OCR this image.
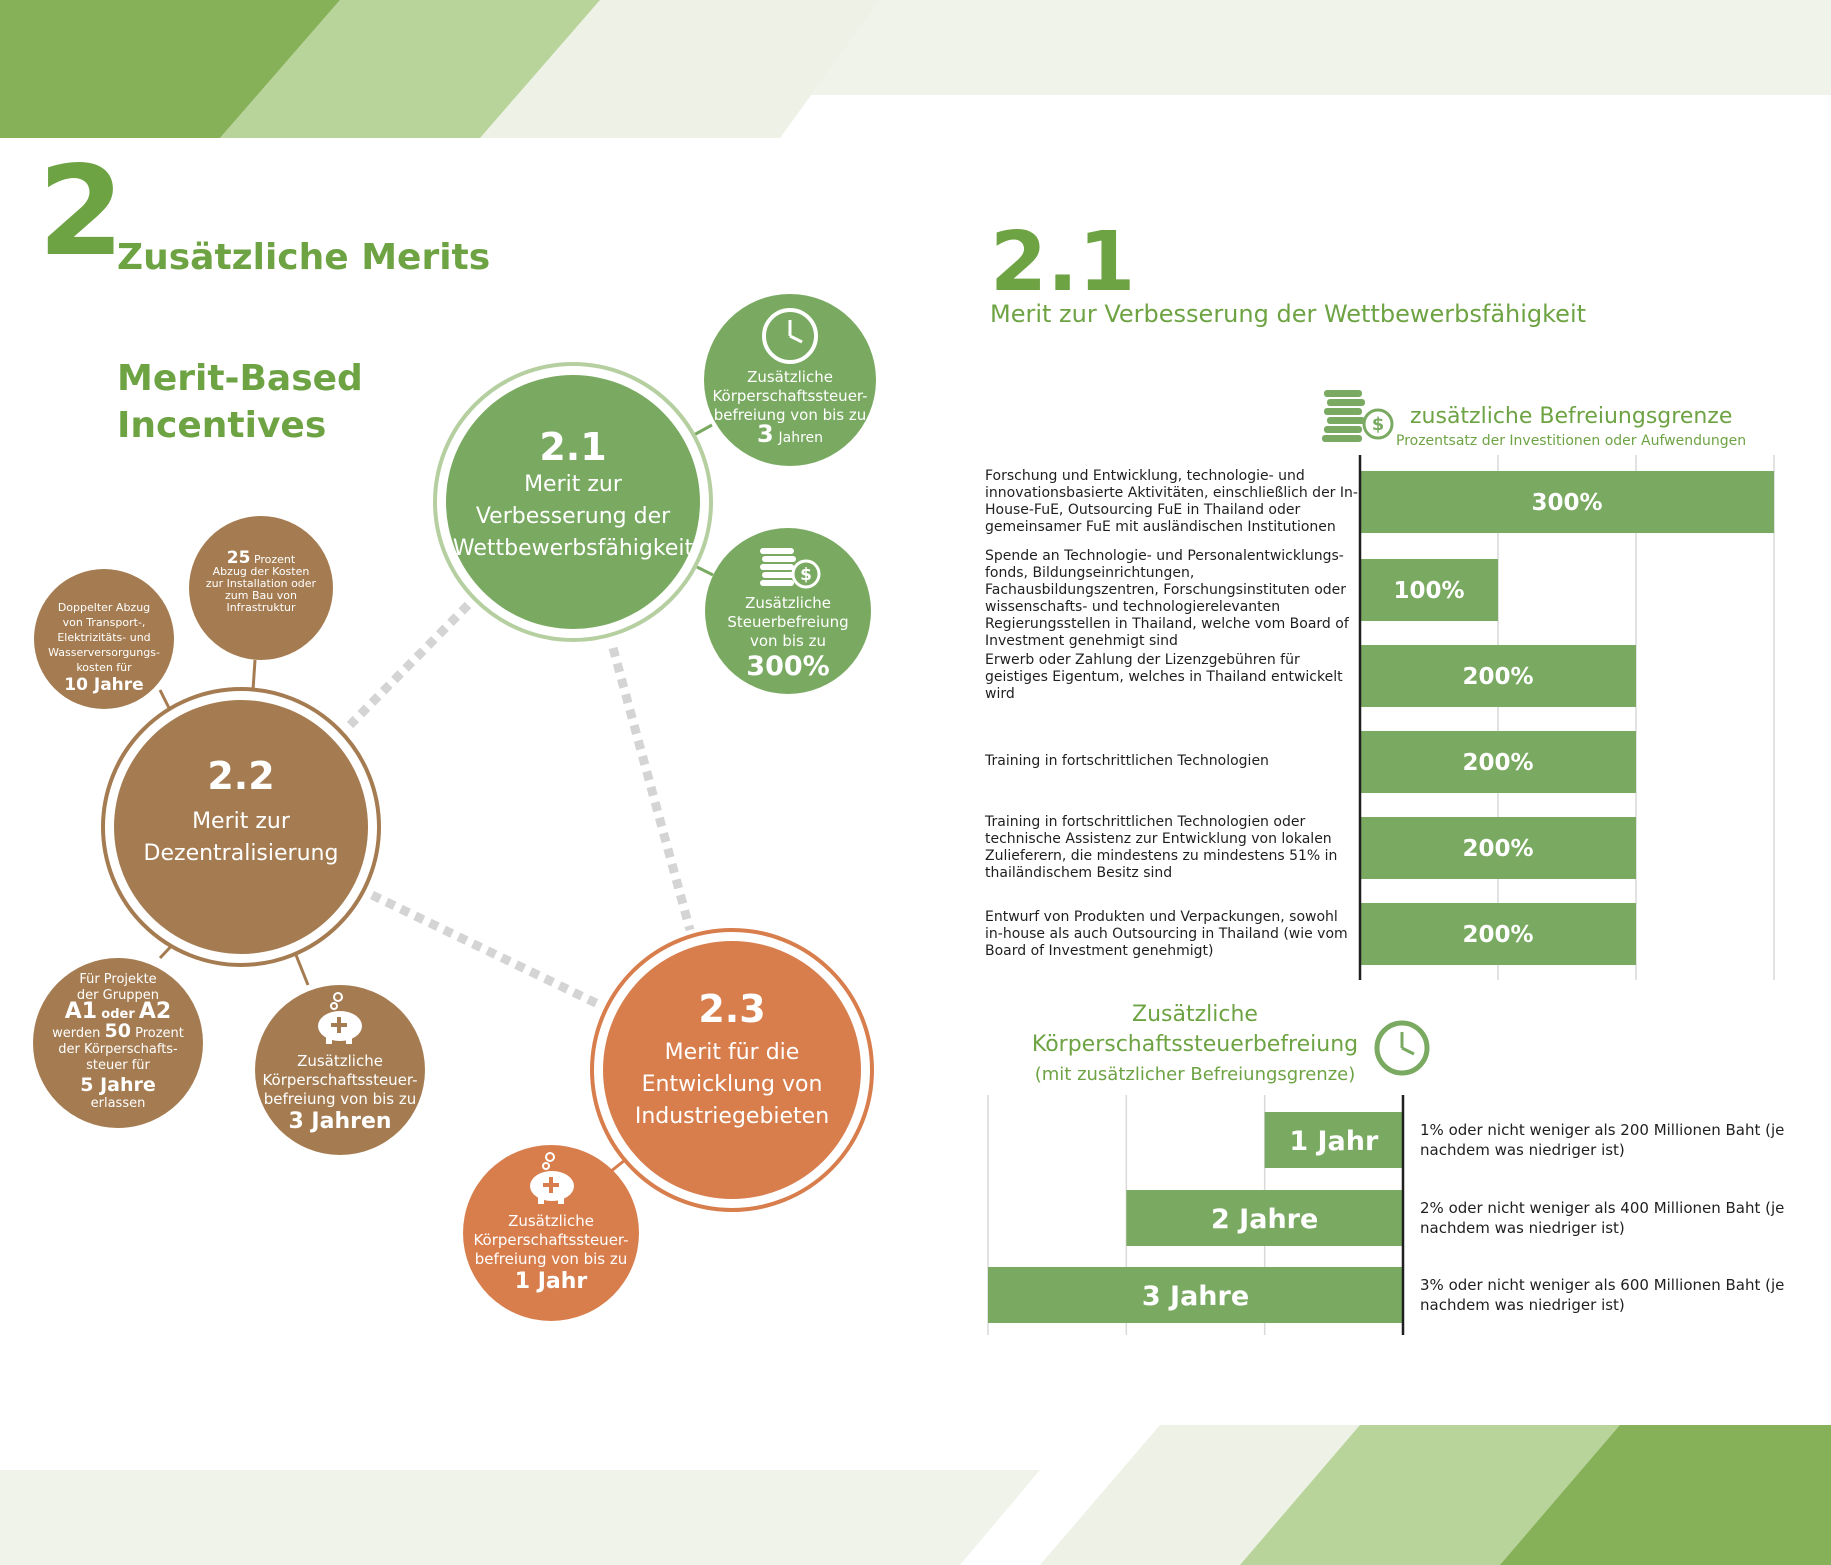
2
Zusätzliche Merits
Merit-Based
Incentives
$
2.1
Merit zur
Verbesserung der
Wettbewerbsfähigkeit
Zusätzliche
Körperschaftssteuer-
befreiung von bis zu
3 Jahren
Zusätzliche
Steuerbefreiung
von bis zu
300%
2.2
Merit zur
Dezentralisierung
25 Prozent
Abzug der Kosten
zur Installation oder
zum Bau von
Infrastruktur
Doppelter Abzug
von Transport-,
Elektrizitäts- und
Wasserversorgungs-
kosten für
10 Jahre
Für Projekte
der Gruppen
A1 oder A2
werden 50 Prozent
der Körperschafts-
steuer für
5 Jahre
erlassen
Zusätzliche
Körperschaftssteuer-
befreiung von bis zu
3 Jahren
2.3
Merit für die
Entwicklung von
Industriegebieten
Zusätzliche
Körperschaftssteuer-
befreiung von bis zu
1 Jahr
2.1
Merit zur Verbesserung der Wettbewerbsfähigkeit
$ zusätzliche Befreiungsgrenze
Prozentsatz der Investitionen oder Aufwendungen
300%
100%
200%
200%
200%
200%
Forschung und Entwicklung, technologie- und innovationsbasierte Aktivitäten, einschließlich der In-House-FuE, Outsourcing FuE in Thailand oder gemeinsamer FuE mit ausländischen Institutionen
Spende an Technologie- und Personalentwicklungs-fonds, Bildungseinrichtungen, Fachausbildungszentren, Forschungsinstituten oder wissenschafts- und technologierelevanten Regierungsstellen in Thailand, welche vom Board of Investment genehmigt sind
Erwerb oder Zahlung der Lizenzgebühren für geistiges Eigentum, welches in Thailand entwickelt wird
Training in fortschrittlichen Technologien
Training in fortschrittlichen Technologien oder technische Assistenz zur Entwicklung von lokalen Zulieferern, die mindestens zu mindestens 51% in thailändischem Besitz sind
Entwurf von Produkten und Verpackungen, sowohl in-house als auch Outsourcing in Thailand (wie vom Board of Investment genehmigt)
Zusätzliche Körperschaftssteuerbefreiung
(mit zusätzlicher Befreiungsgrenze)
1 Jahr
2 Jahre
3 Jahre
1% oder nicht weniger als 200 Millionen Baht (je nachdem was niedriger ist)
2% oder nicht weniger als 400 Millionen Baht (je nachdem was niedriger ist)
3% oder nicht weniger als 600 Millionen Baht (je nachdem was niedriger ist)
